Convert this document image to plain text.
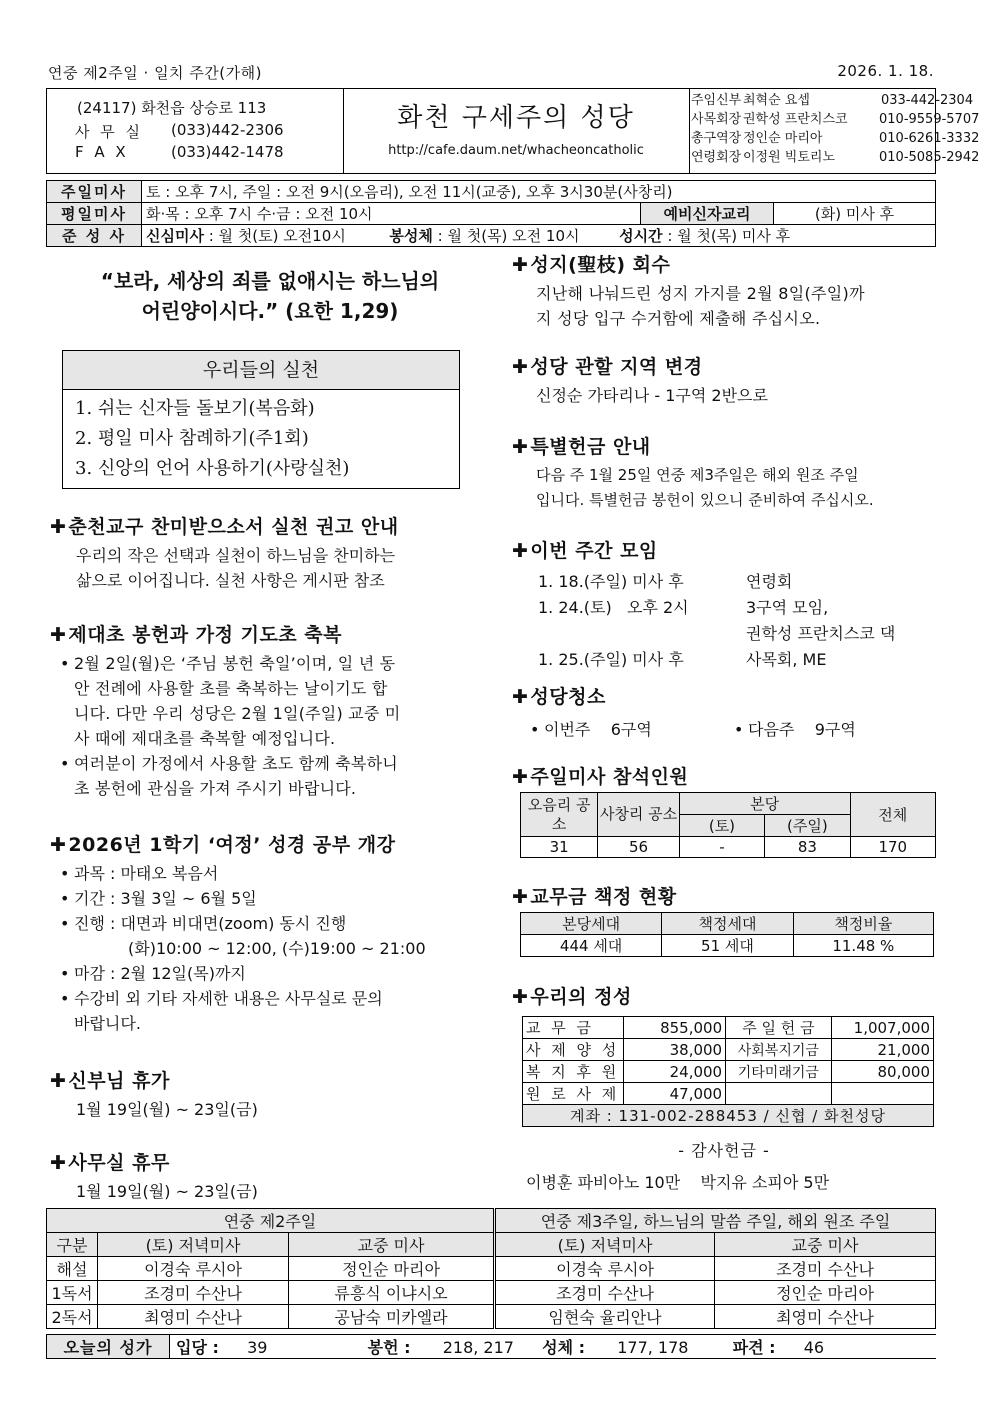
연중 제2주일 · 일치 주간(가해)	2026. 1. 18.
(24117) 화천읍 상승로 113
사 무 실 (033)442-2306
F A X	(033)442-1478
화천 구세주의 성당
http://cafe.daum.net/whacheoncatholic
주임신부 최혁순 요셉	033-442-2304
사목회장 권학성 프란치스코 010-9559-5707
총구역장 정인순 마리아	010-6261-3332
연령회장 이정원 빅토리노	010-5085-2942
주일미사	토 : 오후 7시, 주일 : 오전 9시(오음리), 오전 11시(교중), 오후 3시30분(사창리)		
평일미사	화·목 : 오후 7시 수·금 : 오전 10시	예비신자교리	(화) 미사 후
준 성 사	신심미사 : 월 첫(토) 오전10시 봉성체 : 월 첫(목) 오전 10시 성시간 : 월 첫(목) 미사 후		
“보라, 세상의 죄를 없애시는 하느님의
어린양이시다.” (요한 1,29)
우리들의 실천
1. 쉬는 신자들 돌보기(복음화)
2. 평일 미사 참례하기(주1회)
3. 신앙의 언어 사용하기(사랑실천)
✚ 춘천교구 찬미받으소서 실천 권고 안내
우리의 작은 선택과 실천이 하느님을 찬미하는
삶으로 이어집니다. 실천 사항은 게시판 참조
✚ 제대초 봉헌과 가정 기도초 축복
• 2월 2일(월)은 ‘주님 봉헌 축일’이며, 일 년 동
안 전례에 사용할 초를 축복하는 날이기도 합
니다. 다만 우리 성당은 2월 1일(주일) 교중 미
사 때에 제대초를 축복할 예정입니다.
• 여러분이 가정에서 사용할 초도 함께 축복하니
초 봉헌에 관심을 가져 주시기 바랍니다.
✚ 2026년 1학기 ‘여정’ 성경 공부 개강
• 과목 : 마태오 복음서
• 기간 : 3월 3일 ~ 6월 5일
• 진행 : 대면과 비대면(zoom) 동시 진행
(화)10:00 ~ 12:00, (수)19:00 ~ 21:00
• 마감 : 2월 12일(목)까지
• 수강비 외 기타 자세한 내용은 사무실로 문의
바랍니다.
✚ 신부님 휴가
1월 19일(월) ~ 23일(금)
✚ 사무실 휴무
1월 19일(월) ~ 23일(금)
✚ 성지(聖枝) 회수
지난해 나눠드린 성지 가지를 2월 8일(주일)까
지 성당 입구 수거함에 제출해 주십시오.
✚ 성당 관할 지역 변경
신정순 가타리나 - 1구역 2반으로
✚ 특별헌금 안내
다음 주 1월 25일 연중 제3주일은 해외 원조 주일
입니다. 특별헌금 봉헌이 있으니 준비하여 주십시오.
✚ 이번 주간 모임
1. 18.(주일) 미사 후	연령회
1. 24.(토)   오후 2시	3구역 모임,
권학성 프란치스코 댁
1. 25.(주일) 미사 후	사목회, ME
✚ 성당청소
• 이번주    6구역	• 다음주    9구역
✚ 주일미사 참석인원
오음리 공소	사창리 공소	본당		전체
		(토)	(주일)	
31	56	-	83	170
✚ 교무금 책정 현황
본당세대	책정세대	책정비율
444 세대	51 세대	11.48 %
✚ 우리의 정성
교 무 금	855,000	주 일 헌 금	1,007,000
사 제 양 성	38,000	사회복지기금	21,000
복 지 후 원	24,000	기타미래기금	80,000
원 로 사 제	47,000		
계좌 : 131-002-288453 / 신협 / 화천성당			
- 감사헌금 -
이병훈 파비아노 10만    박지유 소피아 5만
연중 제2주일			연중 제3주일, 하느님의 말씀 주일, 해외 원조 주일	
구분	(토) 저녁미사	교중 미사	(토) 저녁미사	교중 미사
해설	이경숙 루시아	정인순 마리아	이경숙 루시아	조경미 수산나
1독서	조경미 수산나	류흥식 이냐시오	조경미 수산나	정인순 마리아
2독서	최영미 수산나	공남숙 미카엘라	임현숙 율리안나	최영미 수산나
오늘의 성가	입당 : 39	봉헌 : 218, 217 성체 : 177, 178	파견 : 46
